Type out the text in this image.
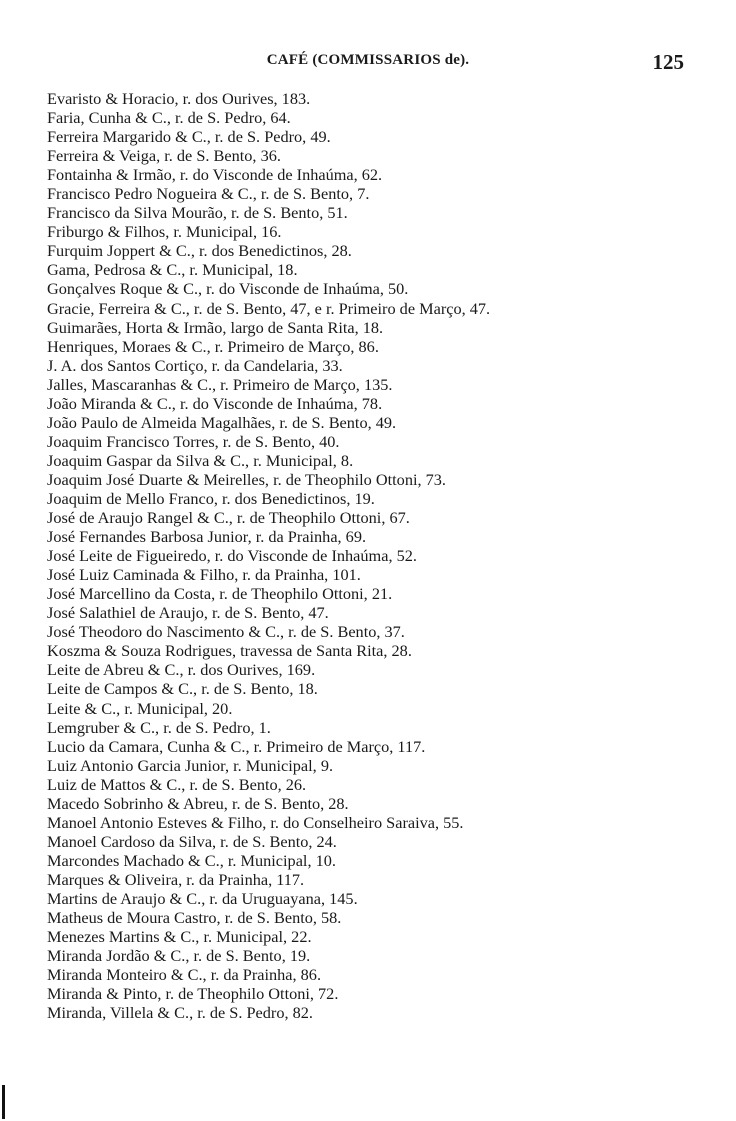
CAFÉ (COMMISSARIOS de).	125
Evaristo & Horacio, r. dos Ourives, 183.
Faria, Cunha & C., r. de S. Pedro, 64.
Ferreira Margarido & C., r. de S. Pedro, 49.
Ferreira & Veiga, r. de S. Bento, 36.
Fontainha & Irmão, r. do Visconde de Inhaúma, 62.
Francisco Pedro Nogueira & C., r. de S. Bento, 7.
Francisco da Silva Mourão, r. de S. Bento, 51.
Friburgo & Filhos, r. Municipal, 16.
Furquim Joppert & C., r. dos Benedictinos, 28.
Gama, Pedrosa & C., r. Municipal, 18.
Gonçalves Roque & C., r. do Visconde de Inhaúma, 50.
Gracie, Ferreira & C., r. de S. Bento, 47, e r. Primeiro de Março, 47.
Guimarães, Horta & Irmão, largo de Santa Rita, 18.
Henriques, Moraes & C., r. Primeiro de Março, 86.
J. A. dos Santos Cortiço, r. da Candelaria, 33.
Jalles, Mascaranhas & C., r. Primeiro de Março, 135.
João Miranda & C., r. do Visconde de Inhaúma, 78.
João Paulo de Almeida Magalhães, r. de S. Bento, 49.
Joaquim Francisco Torres, r. de S. Bento, 40.
Joaquim Gaspar da Silva & C., r. Municipal, 8.
Joaquim José Duarte & Meirelles, r. de Theophilo Ottoni, 73.
Joaquim de Mello Franco, r. dos Benedictinos, 19.
José de Araujo Rangel & C., r. de Theophilo Ottoni, 67.
José Fernandes Barbosa Junior, r. da Prainha, 69.
José Leite de Figueiredo, r. do Visconde de Inhaúma, 52.
José Luiz Caminada & Filho, r. da Prainha, 101.
José Marcellino da Costa, r. de Theophilo Ottoni, 21.
José Salathiel de Araujo, r. de S. Bento, 47.
José Theodoro do Nascimento & C., r. de S. Bento, 37.
Koszma & Souza Rodrigues, travessa de Santa Rita, 28.
Leite de Abreu & C., r. dos Ourives, 169.
Leite de Campos & C., r. de S. Bento, 18.
Leite & C., r. Municipal, 20.
Lemgruber & C., r. de S. Pedro, 1.
Lucio da Camara, Cunha & C., r. Primeiro de Março, 117.
Luiz Antonio Garcia Junior, r. Municipal, 9.
Luiz de Mattos & C., r. de S. Bento, 26.
Macedo Sobrinho & Abreu, r. de S. Bento, 28.
Manoel Antonio Esteves & Filho, r. do Conselheiro Saraiva, 55.
Manoel Cardoso da Silva, r. de S. Bento, 24.
Marcondes Machado & C., r. Municipal, 10.
Marques & Oliveira, r. da Prainha, 117.
Martins de Araujo & C., r. da Uruguayana, 145.
Matheus de Moura Castro, r. de S. Bento, 58.
Menezes Martins & C., r. Municipal, 22.
Miranda Jordão & C., r. de S. Bento, 19.
Miranda Monteiro & C., r. da Prainha, 86.
Miranda & Pinto, r. de Theophilo Ottoni, 72.
Miranda, Villela & C., r. de S. Pedro, 82.
